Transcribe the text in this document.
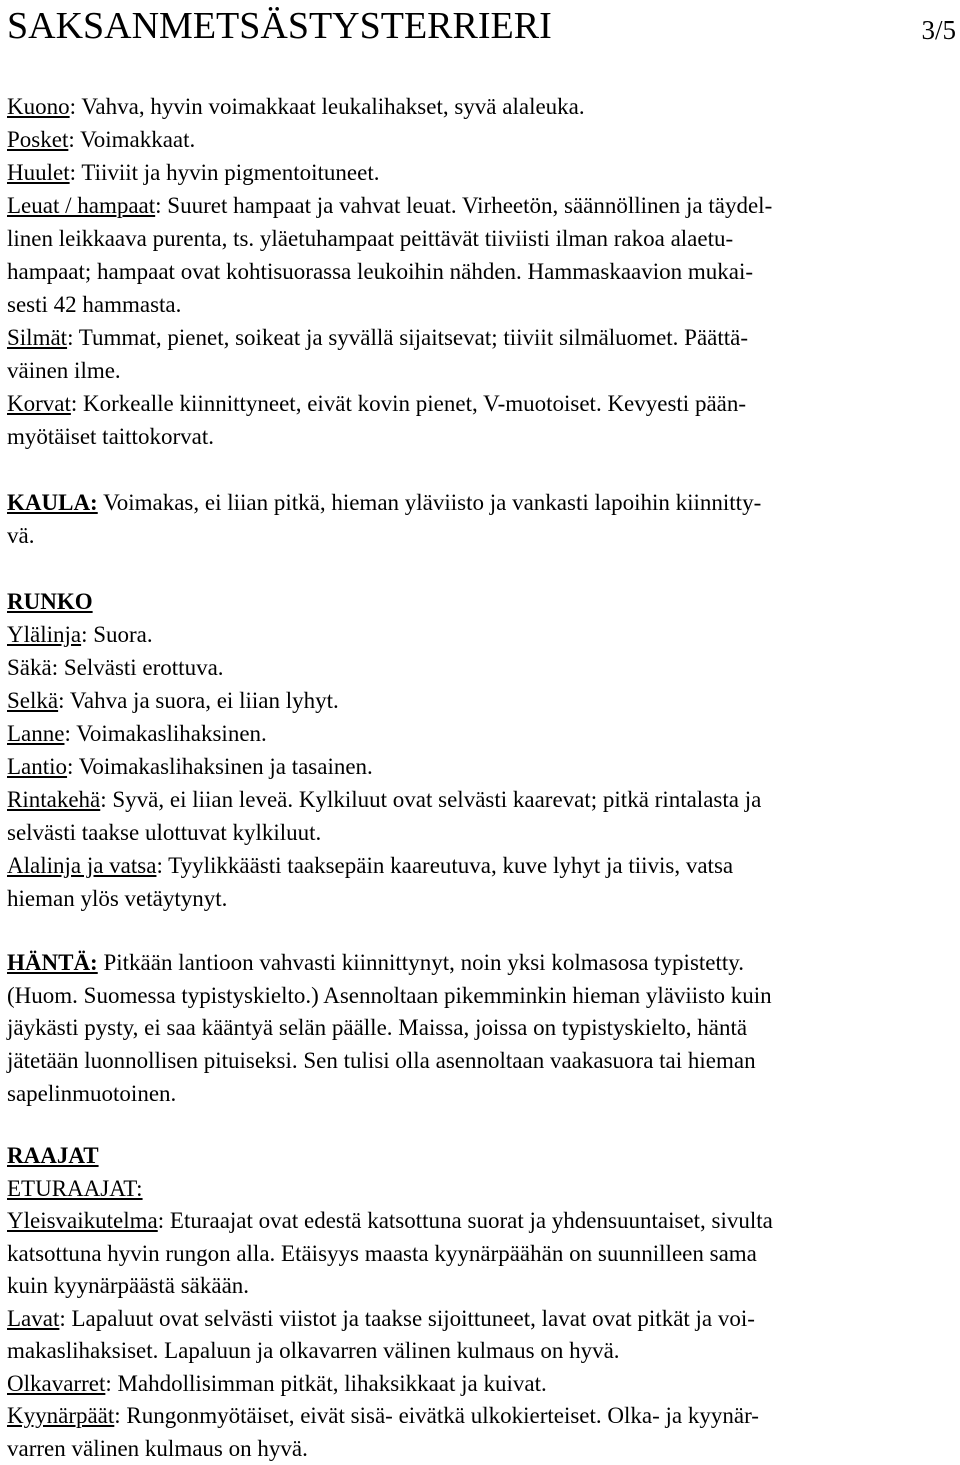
SAKSANMETSÄSTYSTERRIERI	3/5
Kuono: Vahva, hyvin voimakkaat leukalihakset, syvä alaleuka.
Posket: Voimakkaat.
Huulet: Tiiviit ja hyvin pigmentoituneet.
Leuat / hampaat: Suuret hampaat ja vahvat leuat. Virheetön, säännöllinen ja täydel-
linen leikkaava purenta, ts. yläetuhampaat peittävät tiiviisti ilman rakoa alaetu-
hampaat; hampaat ovat kohtisuorassa leukoihin nähden. Hammaskaavion mukai-
sesti 42 hammasta.
Silmät: Tummat, pienet, soikeat ja syvällä sijaitsevat; tiiviit silmäluomet. Päättä-
väinen ilme.
Korvat: Korkealle kiinnittyneet, eivät kovin pienet, V-muotoiset. Kevyesti pään-
myötäiset taittokorvat.
KAULA: Voimakas, ei liian pitkä, hieman yläviisto ja vankasti lapoihin kiinnitty-
vä.
RUNKO
Ylälinja: Suora.
Säkä: Selvästi erottuva.
Selkä: Vahva ja suora, ei liian lyhyt.
Lanne: Voimakaslihaksinen.
Lantio: Voimakaslihaksinen ja tasainen.
Rintakehä: Syvä, ei liian leveä. Kylkiluut ovat selvästi kaarevat; pitkä rintalasta ja
selvästi taakse ulottuvat kylkiluut.
Alalinja ja vatsa: Tyylikkäästi taaksepäin kaareutuva, kuve lyhyt ja tiivis, vatsa
hieman ylös vetäytynyt.
HÄNTÄ: Pitkään lantioon vahvasti kiinnittynyt, noin yksi kolmasosa typistetty.
(Huom. Suomessa typistyskielto.) Asennoltaan pikemminkin hieman yläviisto kuin
jäykästi pysty, ei saa kääntyä selän päälle. Maissa, joissa on typistyskielto, häntä
jätetään luonnollisen pituiseksi. Sen tulisi olla asennoltaan vaakasuora tai hieman
sapelinmuotoinen.
RAAJAT
ETURAAJAT:
Yleisvaikutelma: Eturaajat ovat edestä katsottuna suorat ja yhdensuuntaiset, sivulta
katsottuna hyvin rungon alla. Etäisyys maasta kyynärpäähän on suunnilleen sama
kuin kyynärpäästä säkään.
Lavat: Lapaluut ovat selvästi viistot ja taakse sijoittuneet, lavat ovat pitkät ja voi-
makaslihaksiset. Lapaluun ja olkavarren välinen kulmaus on hyvä.
Olkavarret: Mahdollisimman pitkät, lihaksikkaat ja kuivat.
Kyynärpäät: Rungonmyötäiset, eivät sisä- eivätkä ulkokierteiset. Olka- ja kyynär-
varren välinen kulmaus on hyvä.
